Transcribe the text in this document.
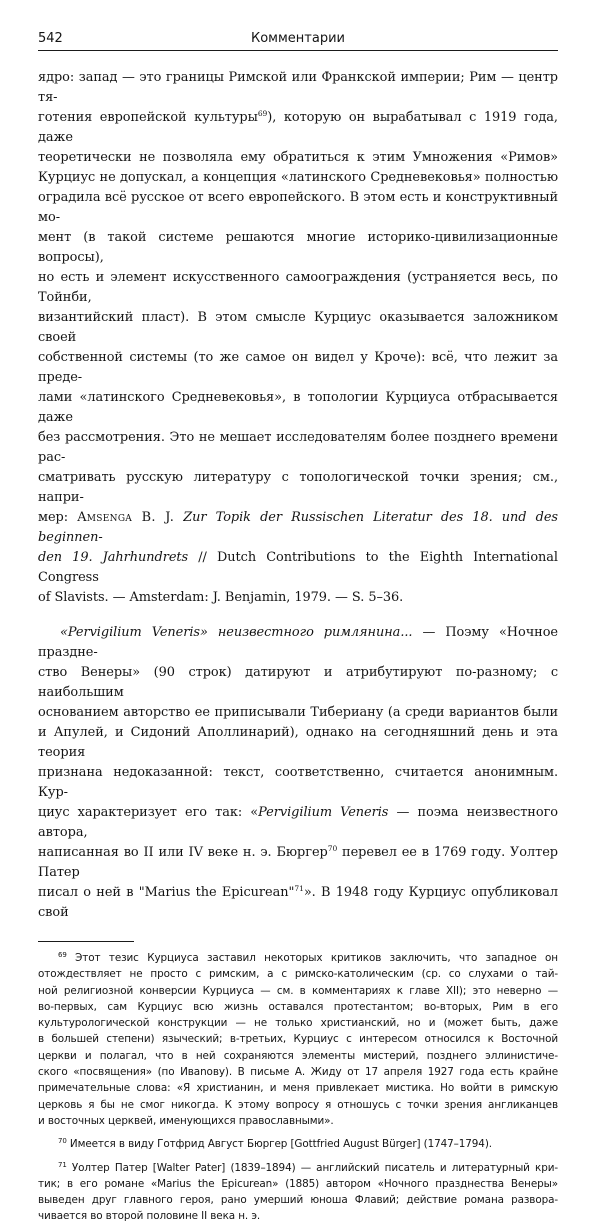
542	Комментарии

ядро: запад — это границы Римской или Франкской империи; Рим — центр тя-

готения европейской культуры$^{69}$), которую он вырабатывал с 1919 года, даже

теоретически не позволяла ему обратиться к этим Умножения «Римов»

Курциус не допускал, а концепция «латинского Средневековья» полностью

оградила всё русское от всего европейского. В этом есть и конструктивный мо-

мент (в такой системе решаются многие историко-цивилизационные вопросы),

но есть и элемент искусственного самоограждения (устраняется весь, по Тойнби,

византийский пласт). В этом смысле Курциус оказывается заложником своей

собственной системы (то же самое он видел у Кроче): всё, что лежит за преде-

лами «латинского Средневековья», в топологии Курциуса отбрасывается даже

без рассмотрения. Это не мешает исследователям более позднего времени рас-

сматривать русскую литературу с топологической точки зрения; см., напри-

мер: Amsenga B. J. Zur Topik der Russischen Literatur des 18. und des beginnen-

den 19. Jahrhundrets // Dutch Contributions to the Eighth International Congress

of Slavists. — Amsterdam: J. Benjamin, 1979. — S. 5–36.

«Pervigilium Veneris» неизвестного римлянина... — Поэму «Ночное праздне-

ство Венеры» (90 строк) датируют и атрибутируют по-разному; с наибольшим

основанием авторство ее приписывали Тибериану (а среди вариантов были

и Апулей, и Сидоний Аполлинарий), однако на сегодняшний день и эта теория

признана недоказанной: текст, соответственно, считается анонимным. Кур-

циус характеризует его так: «Pervigilium Veneris — поэма неизвестного автора,

написанная во II или IV веке н. э. Бюргер$^{70}$ перевел ее в 1769 году. Уолтер Патер

писал о ней в "Marius the Epicurean"$^{71}$». В 1948 году Курциус опубликовал свой

$^{69}$ Этот тезис Курциуса заставил некоторых критиков заключить, что западное он

отождествляет не просто с римским, а с римско-католическим (ср. со слухами о тай-

ной религиозной конверсии Курциуса — см. в комментариях к главе XII); это неверно —

во-первых, сам Курциус всю жизнь оставался протестантом; во-вторых, Рим в его

культурологической конструкции — не только христианский, но и (может быть, даже

в большей степени) языческий; в-третьих, Курциус с интересом относился к Восточной

церкви и полагал, что в ней сохраняются элементы мистерий, позднего эллинистиче-

ского «посвящения» (по Ивanову). В письме А. Жиду от 17 апреля 1927 года есть крайне

примечательные слова: «Я христианин, и меня привлекает мистика. Но войти в римскую

церковь я бы не смог никогда. К этому вопросу я отношусь с точки зрения англиканцев

и восточных церквей, именующихся православными».

$^{70}$ Имеется в виду Готфрид Август Бюргер [Gottfried August Bürger] (1747–1794).

$^{71}$ Уолтер Патер [Walter Pater] (1839–1894) — английский писатель и литературный кри-

тик; в его романе «Marius the Epicurean» (1885) автором «Ночного празднества Венеры»

выведен друг главного героя, рано умерший юноша Флавий; действие романа разворa-

чивается во второй половине II века н. э.
